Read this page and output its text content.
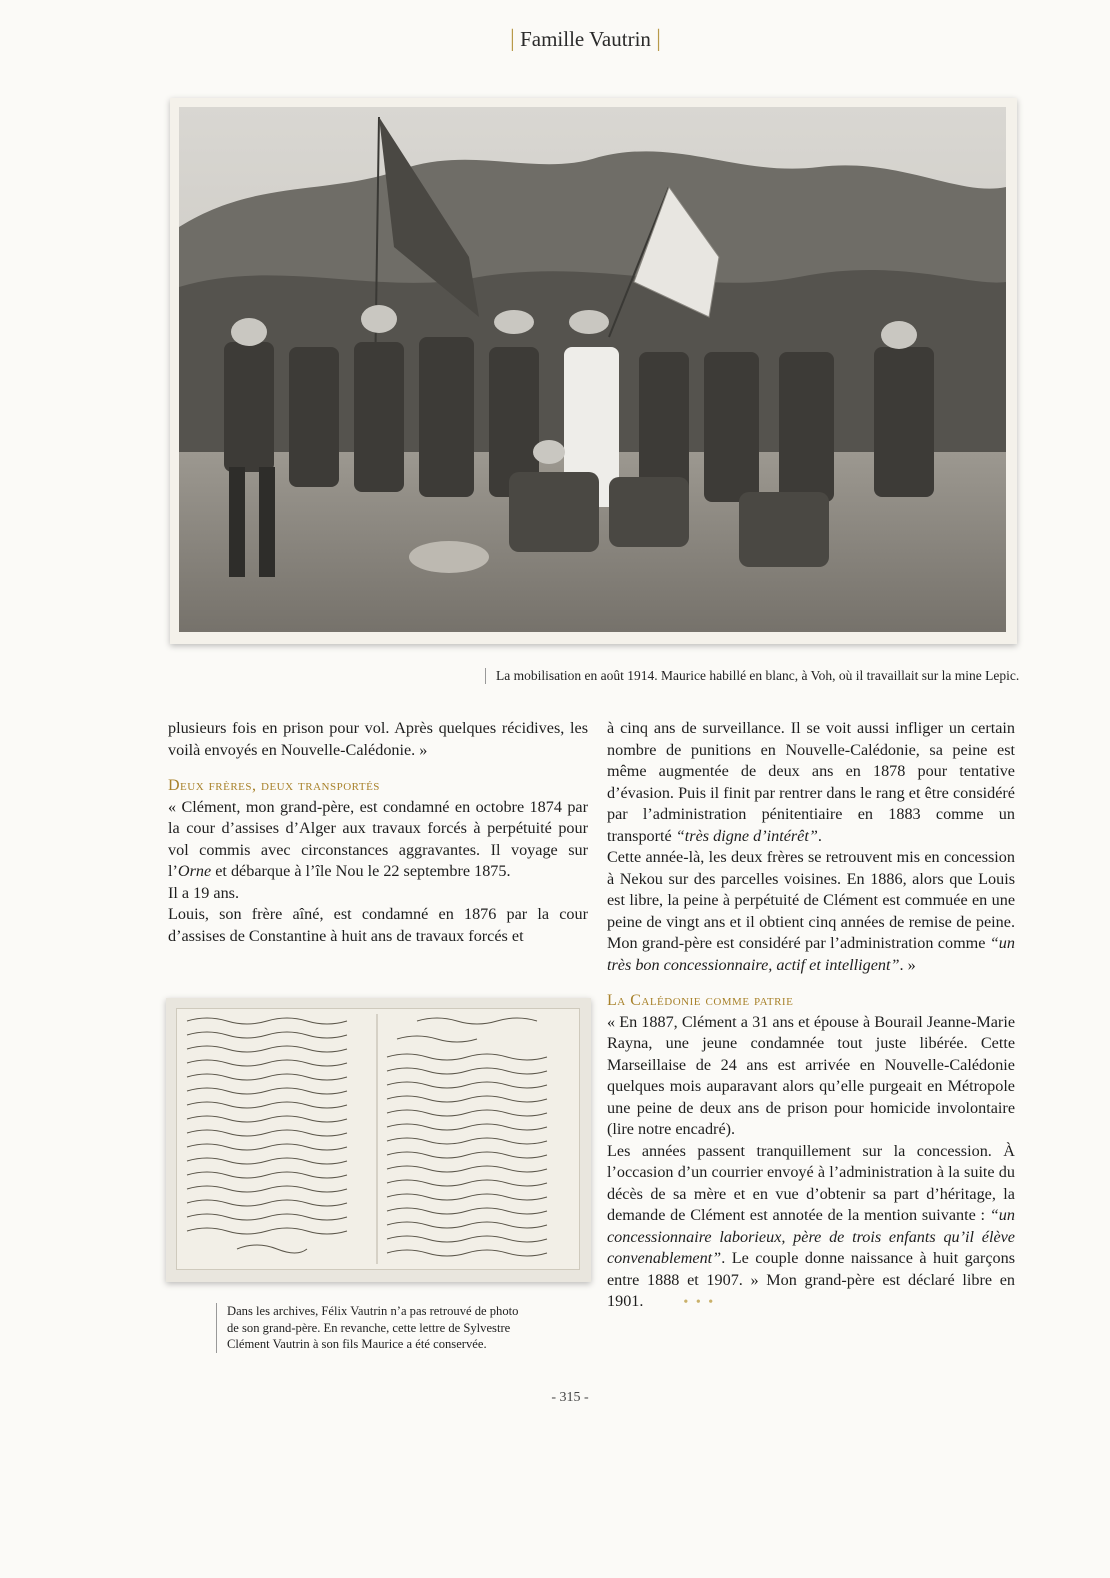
| Famille Vautrin |
La mobilisation en août 1914. Maurice habillé en blanc, à Voh, où il travaillait sur la mine Lepic.

plusieurs fois en prison pour vol. Après quelques récidives, les voilà envoyés en Nouvelle-Calédonie. »

Deux frères, deux transportés

« Clément, mon grand-père, est condamné en octobre 1874 par la cour d’assises d’Alger aux travaux forcés à perpétuité pour vol commis avec circonstances aggravantes. Il voyage sur l’Orne et débarque à l’île Nou le 22 septembre 1875.

Il a 19 ans.

Louis, son frère aîné, est condamné en 1876 par la cour d’assises de Constantine à huit ans de travaux forcés et

Dans les archives, Félix Vautrin n’a pas retrouvé de photo de son grand-père. En revanche, cette lettre de Sylvestre Clément Vautrin à son fils Maurice a été conservée.

à cinq ans de surveillance. Il se voit aussi infliger un certain nombre de punitions en Nouvelle-Calédonie, sa peine est même augmentée de deux ans en 1878 pour tentative d’évasion. Puis il finit par rentrer dans le rang et être considéré par l’administration pénitentiaire en 1883 comme un transporté “très digne d’intérêt”.

Cette année-là, les deux frères se retrouvent mis en concession à Nekou sur des parcelles voisines. En 1886, alors que Louis est libre, la peine à perpétuité de Clément est commuée en une peine de vingt ans et il obtient cinq années de remise de peine. Mon grand-père est considéré par l’administration comme “un très bon concessionnaire, actif et intelligent”. »

La Calédonie comme patrie

« En 1887, Clément a 31 ans et épouse à Bourail Jeanne-Marie Rayna, une jeune condamnée tout juste libérée. Cette Marseillaise de 24 ans est arrivée en Nouvelle-Calédonie quelques mois auparavant alors qu’elle purgeait en Métropole une peine de deux ans de prison pour homicide involontaire (lire notre encadré).

Les années passent tranquillement sur la concession. À l’occasion d’un courrier envoyé à l’administration à la suite du décès de sa mère et en vue d’obtenir sa part d’héritage, la demande de Clément est annotée de la mention suivante : “un concessionnaire laborieux, père de trois enfants qu’il élève convenablement”. Le couple donne naissance à huit garçons entre 1888 et 1907. » Mon grand-père est déclaré libre en 1901.	• • •

- 315 -
